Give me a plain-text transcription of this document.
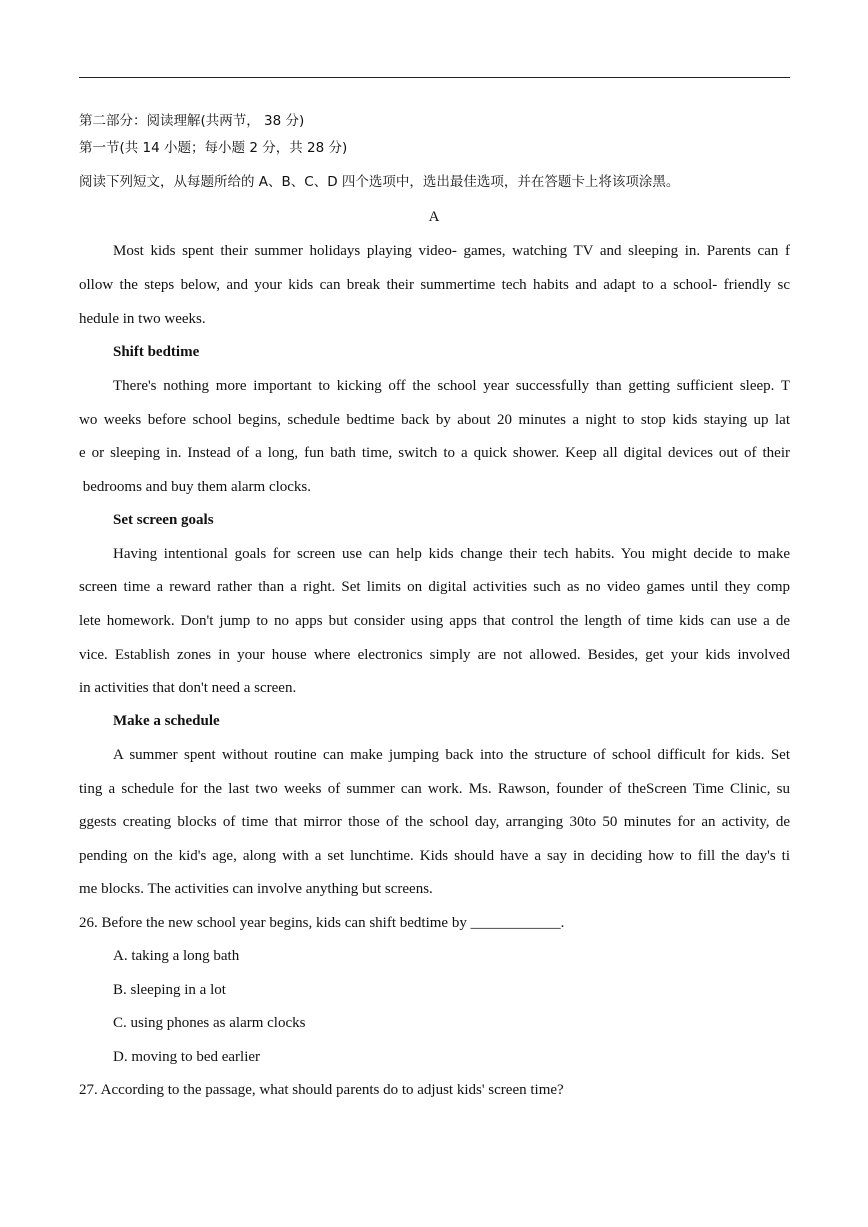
第二部分：阅读理解(共两节， 38 分)
第一节(共 14 小题；每小题 2 分，共 28 分)
阅读下列短文，从每题所给的 A、B、C、D 四个选项中，选出最佳选项，并在答题卡上将该项涂黑。
A
Most kids spent their summer holidays playing video- games, watching TV and sleeping in. Parents can f
ollow the steps below, and your kids can break their summertime tech habits and adapt to a school- friendly sc
hedule in two weeks.
Shift bedtime
There's nothing more important to kicking off the school year successfully than getting sufficient sleep. T
wo weeks before school begins, schedule bedtime back by about 20 minutes a night to stop kids staying up lat
e or sleeping in. Instead of a long, fun bath time, switch to a quick shower. Keep all digital devices out of their
bedrooms and buy them alarm clocks.
Set screen goals
Having intentional goals for screen use can help kids change their tech habits. You might decide to make
screen time a reward rather than a right. Set limits on digital activities such as no video games until they comp
lete homework. Don't jump to no apps but consider using apps that control the length of time kids can use a de
vice. Establish zones in your house where electronics simply are not allowed. Besides, get your kids involved
in activities that don't need a screen.
Make a schedule
A summer spent without routine can make jumping back into the structure of school difficult for kids. Set
ting a schedule for the last two weeks of summer can work. Ms. Rawson, founder of theScreen Time Clinic, su
ggests creating blocks of time that mirror those of the school day, arranging 30to 50 minutes for an activity, de
pending on the kid's age, along with a set lunchtime. Kids should have a say in deciding how to fill the day's ti
me blocks. The activities can involve anything but screens.
26. Before the new school year begins, kids can shift bedtime by ____________.
A. taking a long bath
B. sleeping in a lot
C. using phones as alarm clocks
D. moving to bed earlier
27. According to the passage, what should parents do to adjust kids' screen time?
